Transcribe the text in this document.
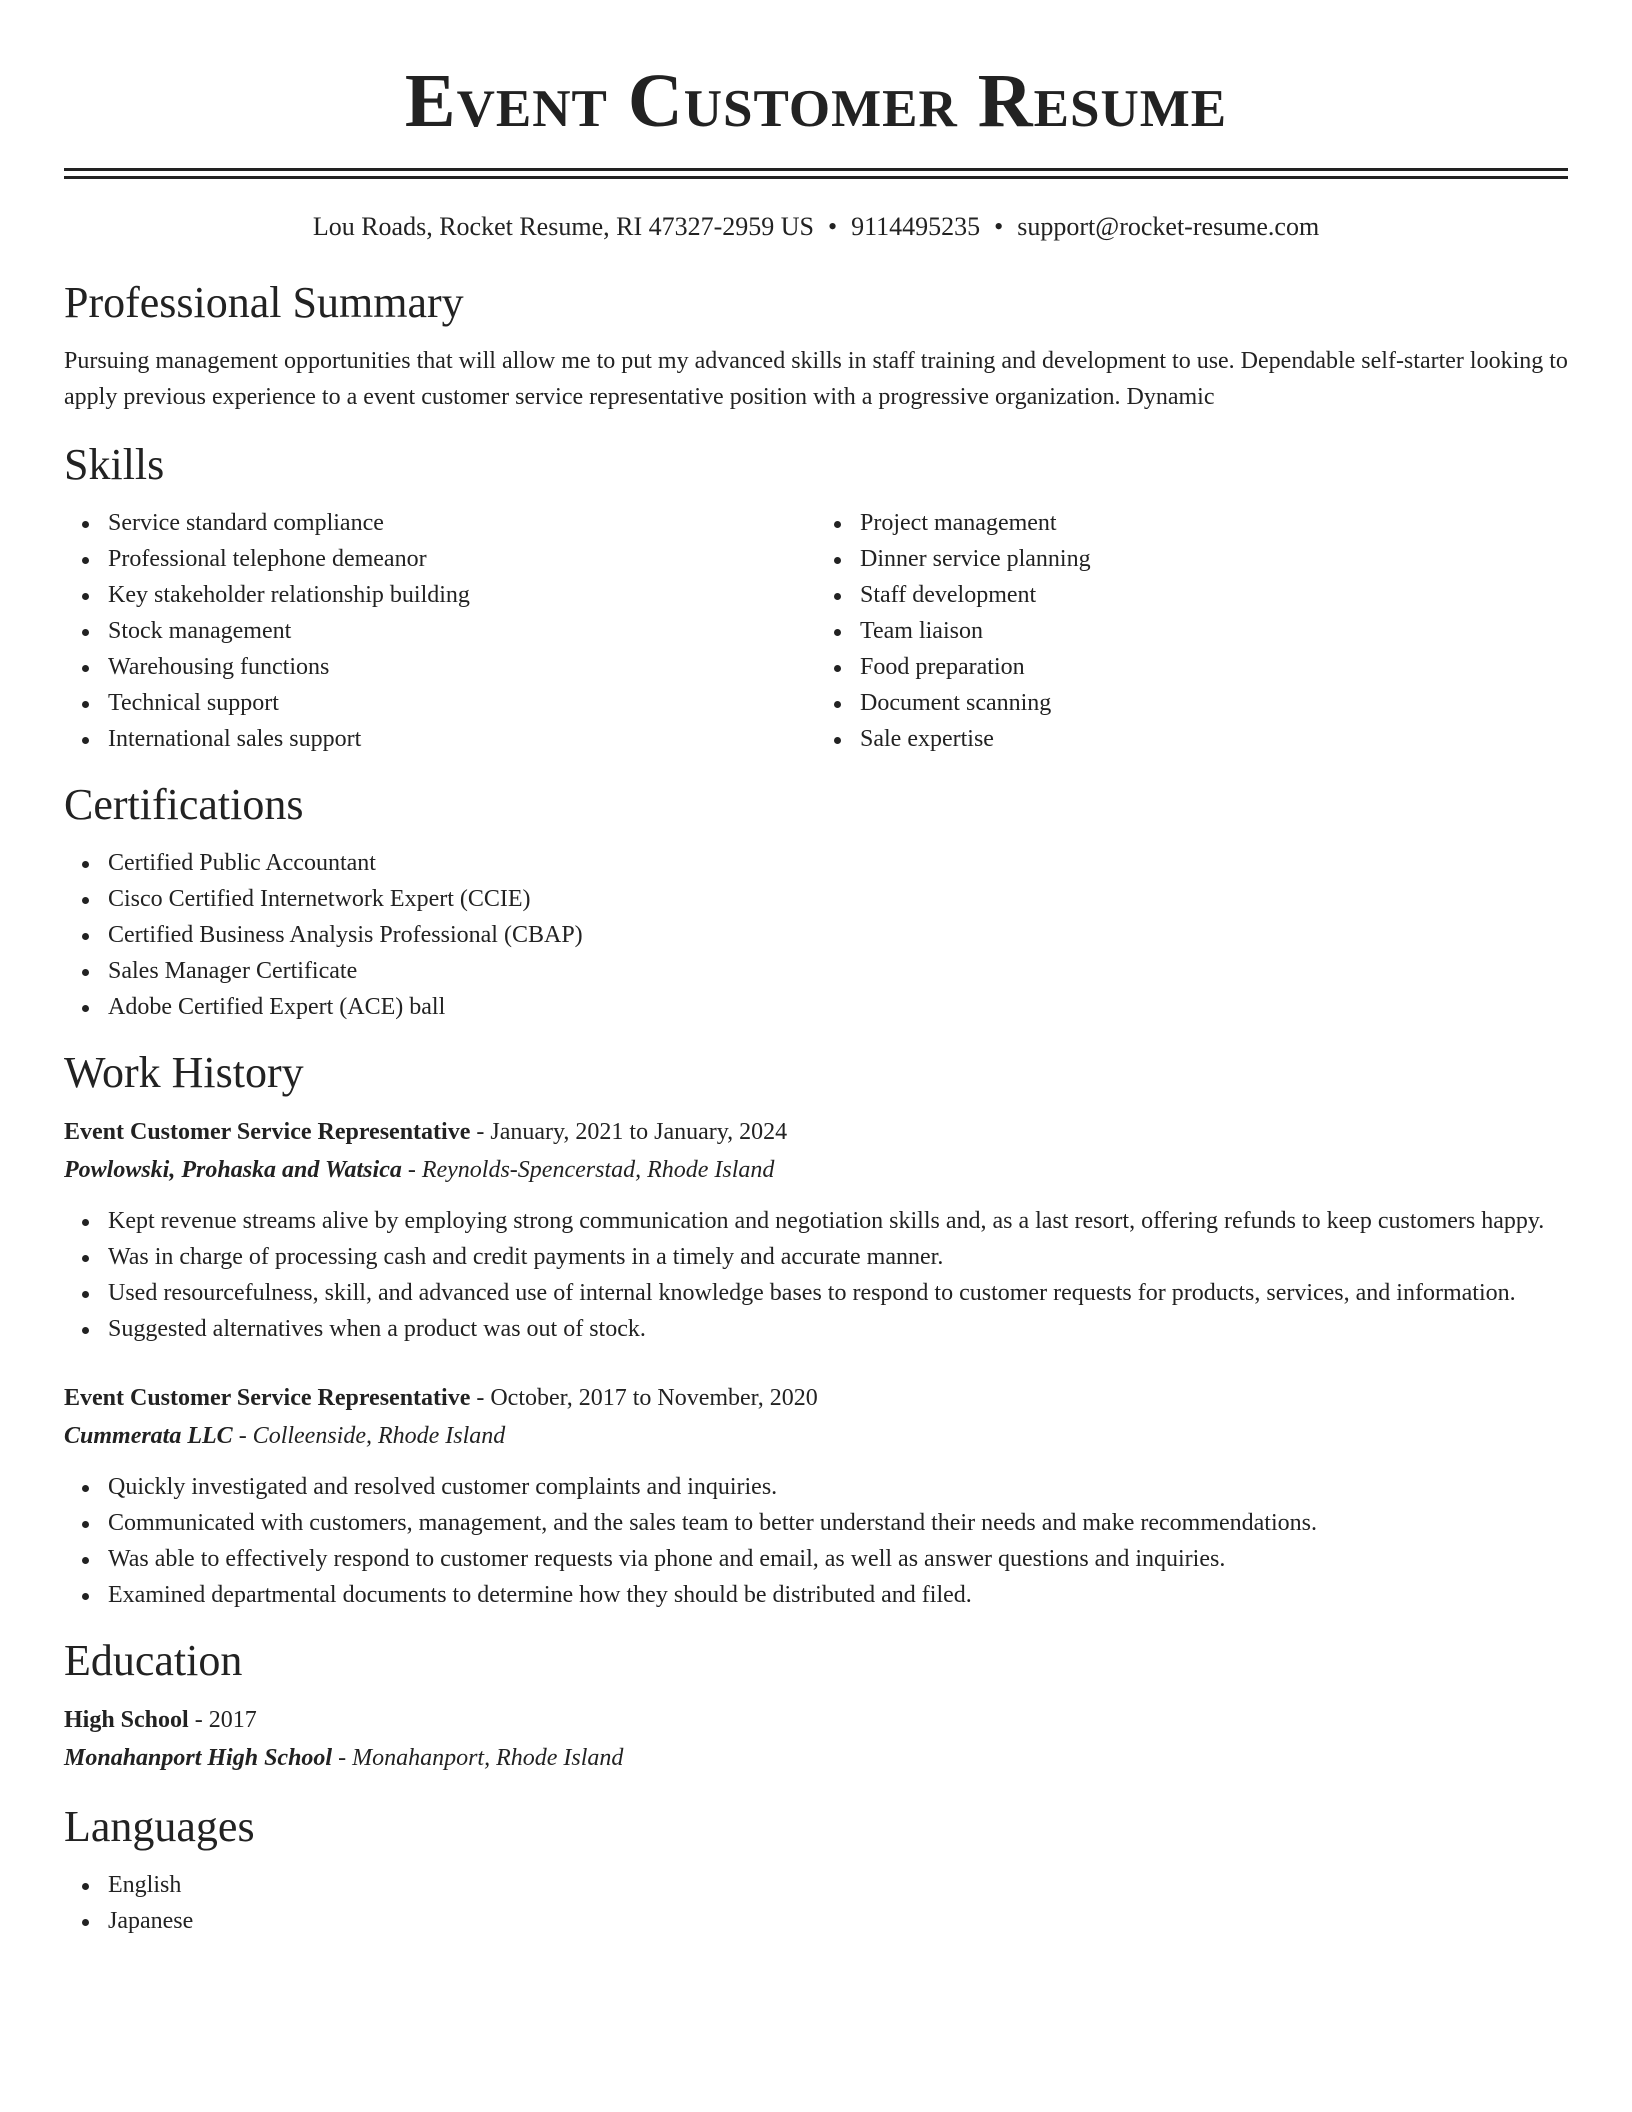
Event Customer Resume
Lou Roads, Rocket Resume, RI 47327-2959 US • 9114495235 • support@rocket-resume.com
Professional Summary

Pursuing management opportunities that will allow me to put my advanced skills in staff training and development to use. Dependable self-starter looking to apply previous experience to a event customer service representative position with a progressive organization. Dynamic

Skills
Service standard compliance
Professional telephone demeanor
Key stakeholder relationship building
Stock management
Warehousing functions
Technical support
International sales support
Project management
Dinner service planning
Staff development
Team liaison
Food preparation
Document scanning
Sale expertise
Certifications
Certified Public Accountant
Cisco Certified Internetwork Expert (CCIE)
Certified Business Analysis Professional (CBAP)
Sales Manager Certificate
Adobe Certified Expert (ACE) ball
Work History
Event Customer Service Representative - January, 2021 to January, 2024
Powlowski, Prohaska and Watsica - Reynolds-Spencerstad, Rhode Island
Kept revenue streams alive by employing strong communication and negotiation skills and, as a last resort, offering refunds to keep customers happy.
Was in charge of processing cash and credit payments in a timely and accurate manner.
Used resourcefulness, skill, and advanced use of internal knowledge bases to respond to customer requests for products, services, and information.
Suggested alternatives when a product was out of stock.
Event Customer Service Representative - October, 2017 to November, 2020
Cummerata LLC - Colleenside, Rhode Island
Quickly investigated and resolved customer complaints and inquiries.
Communicated with customers, management, and the sales team to better understand their needs and make recommendations.
Was able to effectively respond to customer requests via phone and email, as well as answer questions and inquiries.
Examined departmental documents to determine how they should be distributed and filed.
Education
High School - 2017
Monahanport High School - Monahanport, Rhode Island
Languages
English
Japanese
